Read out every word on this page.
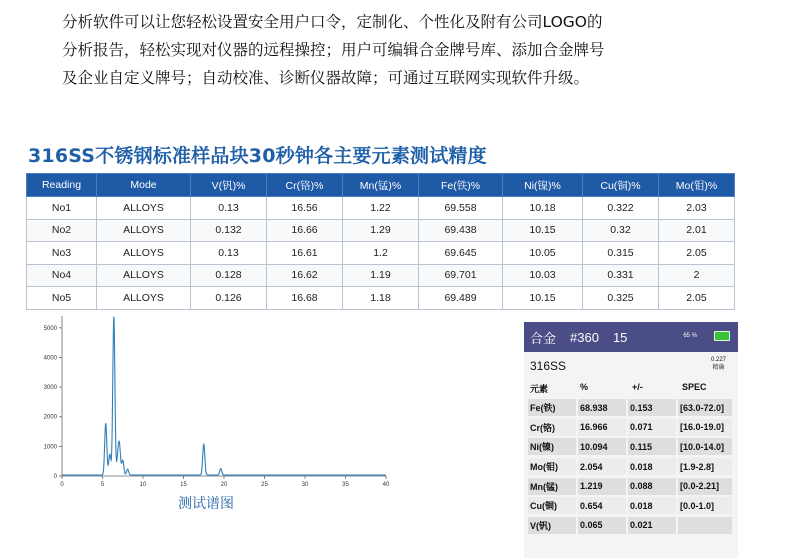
分析软件可以让您轻松设置安全用户口令，定制化、个性化及附有公司LOGO的

分析报告，轻松实现对仪器的远程操控；用户可编辑合金牌号库、添加合金牌号

及企业自定义牌号；自动校准、诊断仪器故障；可通过互联网实现软件升级。

316SS不锈钢标准样品块30秒钟各主要元素测试精度
Reading	Mode	V(钒)%	Cr(铬)%	Mn(锰)%	Fe(铁)%	Ni(镍)%	Cu(铜)%	Mo(钼)%
No1	ALLOYS	0.13	16.56	1.22	69.558	10.18	0.322	2.03
No2	ALLOYS	0.132	16.66	1.29	69.438	10.15	0.32	2.01
No3	ALLOYS	0.13	16.61	1.2	69.645	10.05	0.315	2.05
No4	ALLOYS	0.128	16.62	1.19	69.701	10.03	0.331	2
No5	ALLOYS	0.126	16.68	1.18	69.489	10.15	0.325	2.05
0
1000
2000
3000
4000
5000
0	5	10	15	20	25	30	35	40
测试谱图
合金 #360 15	65 %
316SS	0.227
精确
元素	%	+/-	SPEC
Fe(铁)	68.938	0.153	[63.0-72.0]
Cr(铬)	16.966	0.071	[16.0-19.0]
Ni(镍)	10.094	0.115	[10.0-14.0]
Mo(钼)	2.054	0.018	[1.9-2.8]
Mn(锰)	1.219	0.088	[0.0-2.21]
Cu(铜)	0.654	0.018	[0.0-1.0]
V(钒)	0.065	0.021
